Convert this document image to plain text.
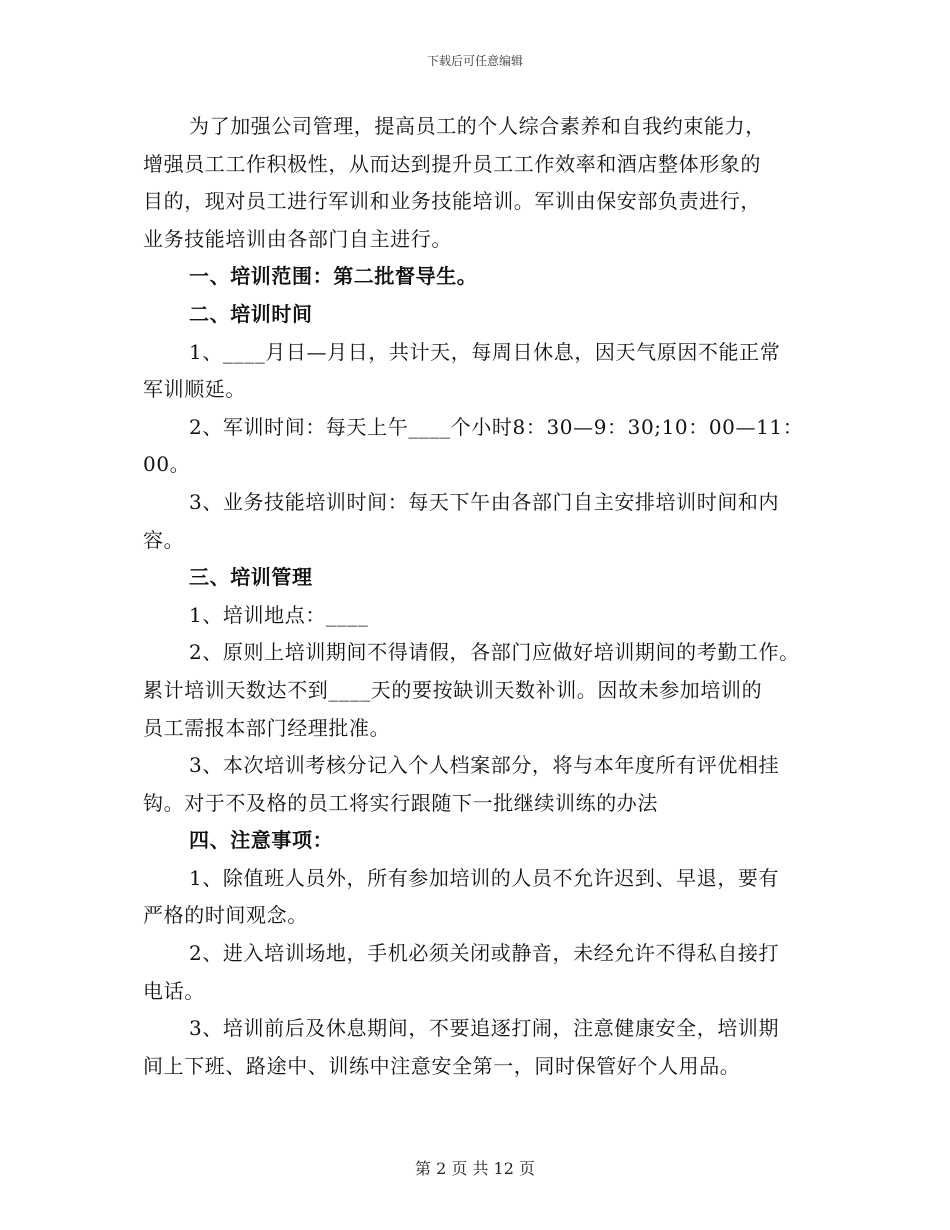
下载后可任意编辑

为了加强公司管理，提高员工的个人综合素养和自我约束能力，
增强员工工作积极性，从而达到提升员工工作效率和酒店整体形象的
目的，现对员工进行军训和业务技能培训。军训由保安部负责进行，
业务技能培训由各部门自主进行。

一、培训范围：第二批督导生。

二、培训时间

1、____月日—月日，共计天，每周日休息，因天气原因不能正常
军训顺延。

2、军训时间：每天上午____个小时8：30—9：30;10：00—11：
00。

3、业务技能培训时间：每天下午由各部门自主安排培训时间和内
容。

三、培训管理

1、培训地点：____

2、原则上培训期间不得请假，各部门应做好培训期间的考勤工作。
累计培训天数达不到____天的要按缺训天数补训。因故未参加培训的
员工需报本部门经理批准。

3、本次培训考核分记入个人档案部分，将与本年度所有评优相挂
钩。对于不及格的员工将实行跟随下一批继续训练的办法

四、注意事项：

1、除值班人员外，所有参加培训的人员不允许迟到、早退，要有
严格的时间观念。

2、进入培训场地，手机必须关闭或静音，未经允许不得私自接打
电话。

3、培训前后及休息期间，不要追逐打闹，注意健康安全，培训期
间上下班、路途中、训练中注意安全第一，同时保管好个人用品。

第 2 页 共 12 页
